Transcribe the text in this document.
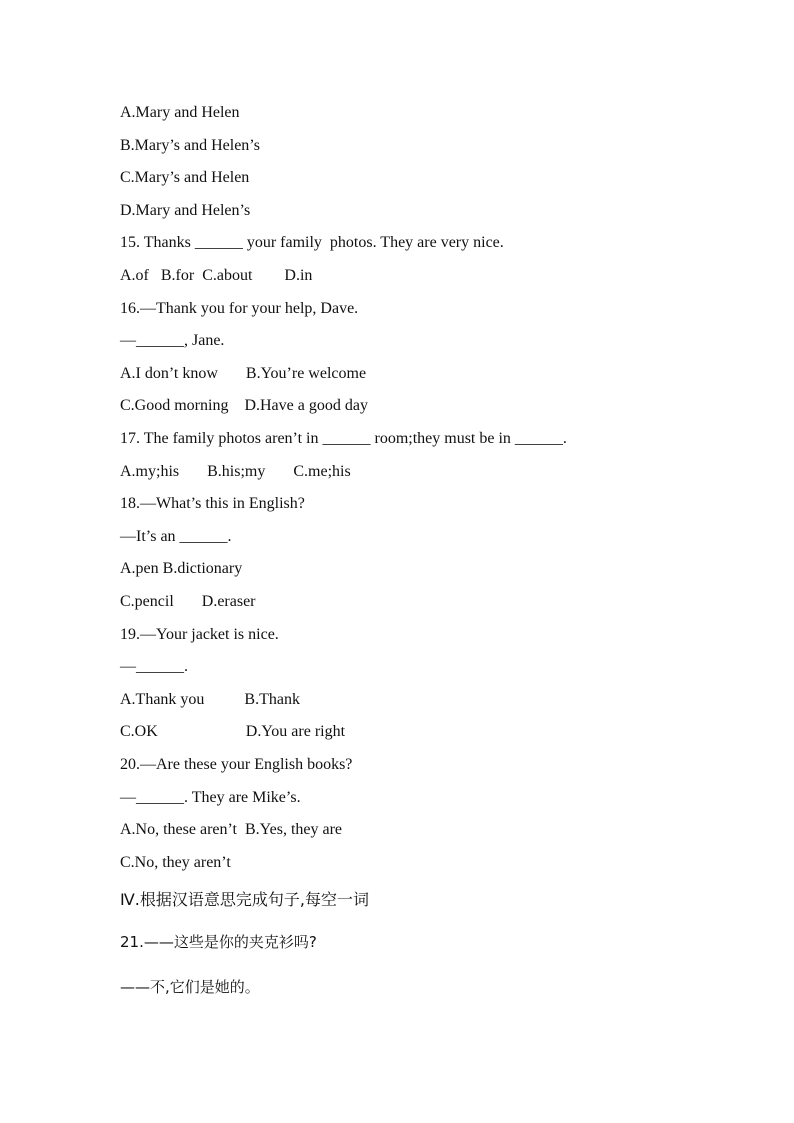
A.Mary and Helen
B.Mary’s and Helen’s
C.Mary’s and Helen
D.Mary and Helen’s
15. Thanks ______ your family  photos. They are very nice.
A.of   B.for  C.about        D.in
16.—Thank you for your help, Dave.
—______, Jane.
A.I don’t know       B.You’re welcome
C.Good morning    D.Have a good day
17. The family photos aren’t in ______ room;they must be in ______.
A.my;his       B.his;my       C.me;his
18.—What’s this in English?
—It’s an ______.
A.pen B.dictionary
C.pencil       D.eraser
19.—Your jacket is nice.
—______.
A.Thank you          B.Thank
C.OK                      D.You are right
20.—Are these your English books?
—______. They are Mike’s.
A.No, these aren’t  B.Yes, they are
C.No, they aren’t
Ⅳ.根据汉语意思完成句子,每空一词
21.——这些是你的夹克衫吗?
——不,它们是她的。
